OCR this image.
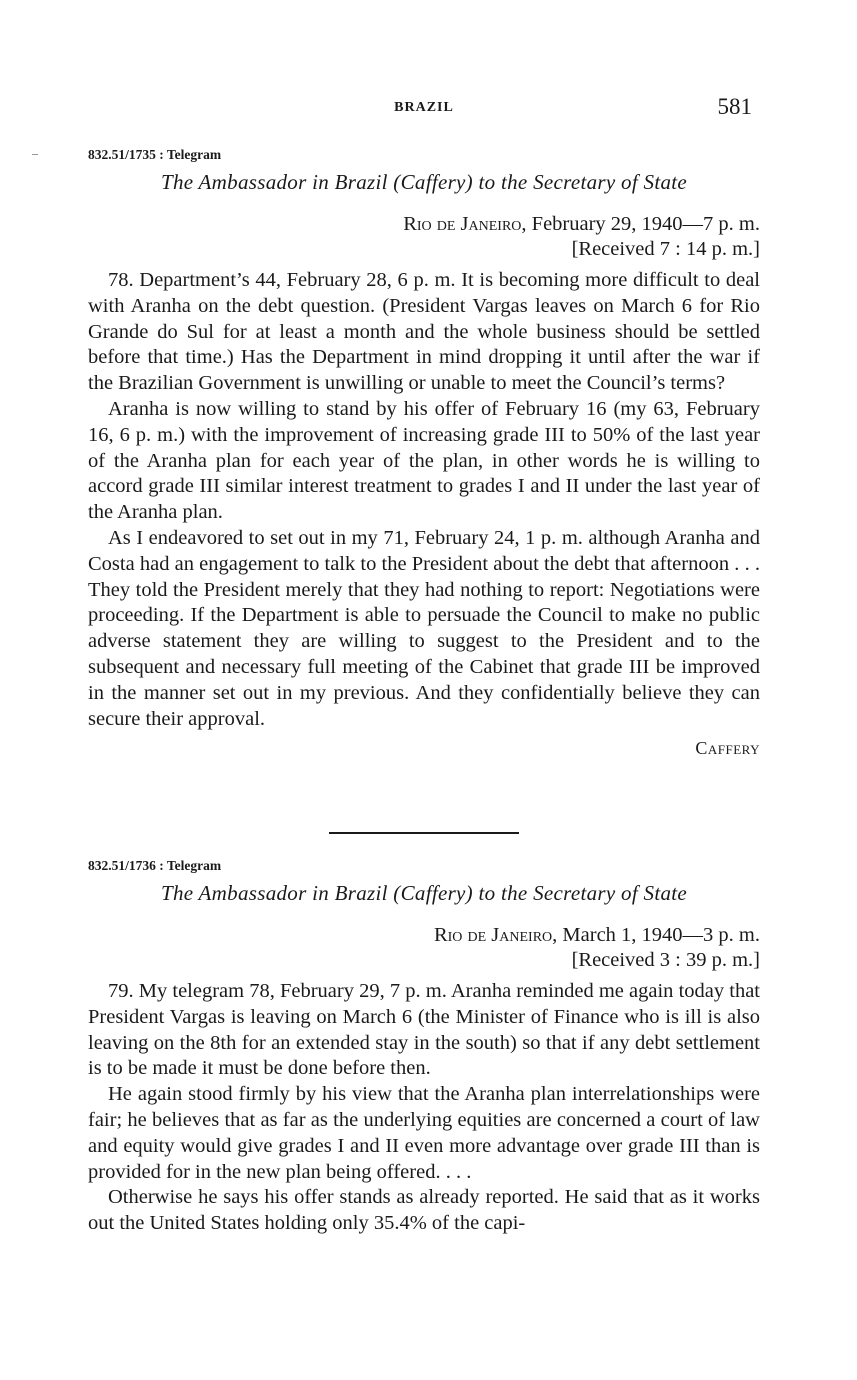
BRAZIL	581

832.51/1735 : Telegram

The Ambassador in Brazil (Caffery) to the Secretary of State

Rio de Janeiro, February 29, 1940—7 p. m.

[Received 7 : 14 p. m.]

78. Department’s 44, February 28, 6 p. m. It is becoming more difficult to deal with Aranha on the debt question. (President Vargas leaves on March 6 for Rio Grande do Sul for at least a month and the whole business should be settled before that time.) Has the Department in mind dropping it until after the war if the Brazilian Government is unwilling or unable to meet the Council’s terms?

Aranha is now willing to stand by his offer of February 16 (my 63, February 16, 6 p. m.) with the improvement of increasing grade III to 50% of the last year of the Aranha plan for each year of the plan, in other words he is willing to accord grade III similar interest treatment to grades I and II under the last year of the Aranha plan.

As I endeavored to set out in my 71, February 24, 1 p. m. although Aranha and Costa had an engagement to talk to the President about the debt that afternoon . . . They told the President merely that they had nothing to report: Negotiations were proceeding. If the Department is able to persuade the Council to make no public adverse statement they are willing to suggest to the President and to the subsequent and necessary full meeting of the Cabinet that grade III be improved in the manner set out in my previous. And they confidentially believe they can secure their approval.

Caffery

832.51/1736 : Telegram

The Ambassador in Brazil (Caffery) to the Secretary of State

Rio de Janeiro, March 1, 1940—3 p. m.

[Received 3 : 39 p. m.]

79. My telegram 78, February 29, 7 p. m. Aranha reminded me again today that President Vargas is leaving on March 6 (the Minister of Finance who is ill is also leaving on the 8th for an extended stay in the south) so that if any debt settlement is to be made it must be done before then.

He again stood firmly by his view that the Aranha plan interrelationships were fair; he believes that as far as the underlying equities are concerned a court of law and equity would give grades I and II even more advantage over grade III than is provided for in the new plan being offered. . . .

Otherwise he says his offer stands as already reported. He said that as it works out the United States holding only 35.4% of the capi-
